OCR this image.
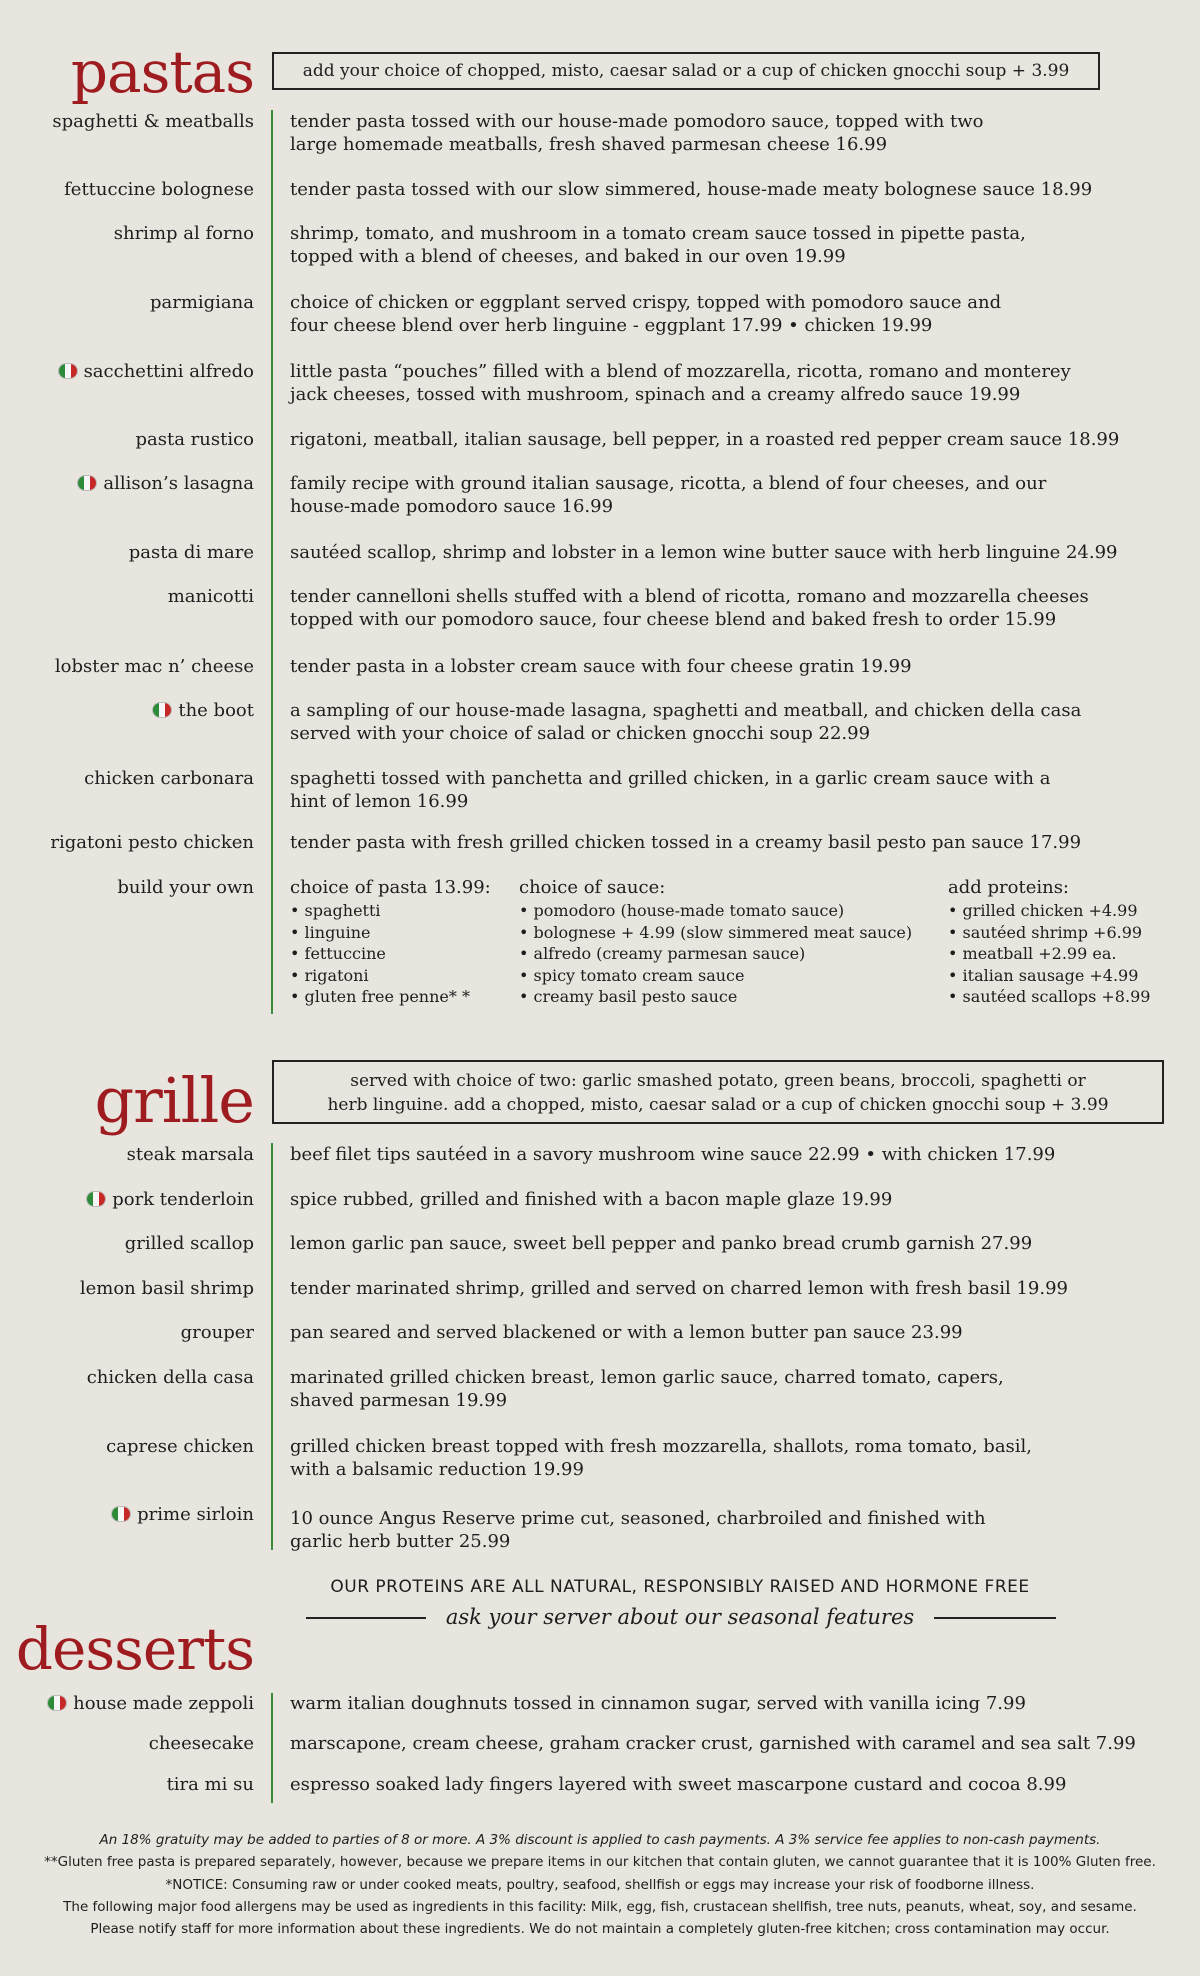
pastas	add your choice of chopped, misto, caesar salad or a cup of chicken gnocchi soup + 3.99
spaghetti & meatballs tender pasta tossed with our house-made pomodoro sauce, topped with two
large homemade meatballs, fresh shaved parmesan cheese 16.99
fettuccine bolognese tender pasta tossed with our slow simmered, house-made meaty bolognese sauce 18.99
shrimp al forno shrimp, tomato, and mushroom in a tomato cream sauce tossed in pipette pasta,
topped with a blend of cheeses, and baked in our oven 19.99
parmigiana choice of chicken or eggplant served crispy, topped with pomodoro sauce and
four cheese blend over herb linguine - eggplant 17.99 • chicken 19.99
sacchettini alfredo little pasta “pouches” filled with a blend of mozzarella, ricotta, romano and monterey
jack cheeses, tossed with mushroom, spinach and a creamy alfredo sauce 19.99
pasta rustico rigatoni, meatball, italian sausage, bell pepper, in a roasted red pepper cream sauce 18.99
allison’s lasagna family recipe with ground italian sausage, ricotta, a blend of four cheeses, and our
house-made pomodoro sauce 16.99
pasta di mare sautéed scallop, shrimp and lobster in a lemon wine butter sauce with herb linguine 24.99
manicotti tender cannelloni shells stuffed with a blend of ricotta, romano and mozzarella cheeses
topped with our pomodoro sauce, four cheese blend and baked fresh to order 15.99
lobster mac n’ cheese tender pasta in a lobster cream sauce with four cheese gratin 19.99
the boot a sampling of our house-made lasagna, spaghetti and meatball, and chicken della casa
served with your choice of salad or chicken gnocchi soup 22.99
chicken carbonara spaghetti tossed with panchetta and grilled chicken, in a garlic cream sauce with a
hint of lemon 16.99
rigatoni pesto chicken tender pasta with fresh grilled chicken tossed in a creamy basil pesto pan sauce 17.99
build your own choice of pasta 13.99:
• spaghetti
• linguine
• fettuccine
• rigatoni
• gluten free penne* *
choice of sauce:
• pomodoro (house-made tomato sauce)
• bolognese + 4.99 (slow simmered meat sauce)
• alfredo (creamy parmesan sauce)
• spicy tomato cream sauce
• creamy basil pesto sauce
add proteins:
• grilled chicken +4.99
• sautéed shrimp +6.99
• meatball +2.99 ea.
• italian sausage +4.99
• sautéed scallops +8.99
grille	served with choice of two: garlic smashed potato, green beans, broccoli, spaghetti or
herb linguine. add a chopped, misto, caesar salad or a cup of chicken gnocchi soup + 3.99
steak marsala beef filet tips sautéed in a savory mushroom wine sauce 22.99 • with chicken 17.99
pork tenderloin spice rubbed, grilled and finished with a bacon maple glaze 19.99
grilled scallop lemon garlic pan sauce, sweet bell pepper and panko bread crumb garnish 27.99
lemon basil shrimp tender marinated shrimp, grilled and served on charred lemon with fresh basil 19.99
grouper pan seared and served blackened or with a lemon butter pan sauce 23.99
chicken della casa marinated grilled chicken breast, lemon garlic sauce, charred tomato, capers,
shaved parmesan 19.99
caprese chicken grilled chicken breast topped with fresh mozzarella, shallots, roma tomato, basil,
with a balsamic reduction 19.99
prime sirloin 10 ounce Angus Reserve prime cut, seasoned, charbroiled and finished with
garlic herb butter 25.99
OUR PROTEINS ARE ALL NATURAL, RESPONSIBLY RAISED AND HORMONE FREE
ask your server about our seasonal features
desserts
house made zeppoli warm italian doughnuts tossed in cinnamon sugar, served with vanilla icing 7.99
cheesecake marscapone, cream cheese, graham cracker crust, garnished with caramel and sea salt 7.99
tira mi su espresso soaked lady fingers layered with sweet mascarpone custard and cocoa 8.99
An 18% gratuity may be added to parties of 8 or more. A 3% discount is applied to cash payments. A 3% service fee applies to non-cash payments.
**Gluten free pasta is prepared separately, however, because we prepare items in our kitchen that contain gluten, we cannot guarantee that it is 100% Gluten free.
*NOTICE: Consuming raw or under cooked meats, poultry, seafood, shellfish or eggs may increase your risk of foodborne illness.
The following major food allergens may be used as ingredients in this facility: Milk, egg, fish, crustacean shellfish, tree nuts, peanuts, wheat, soy, and sesame.
Please notify staff for more information about these ingredients. We do not maintain a completely gluten-free kitchen; cross contamination may occur.
